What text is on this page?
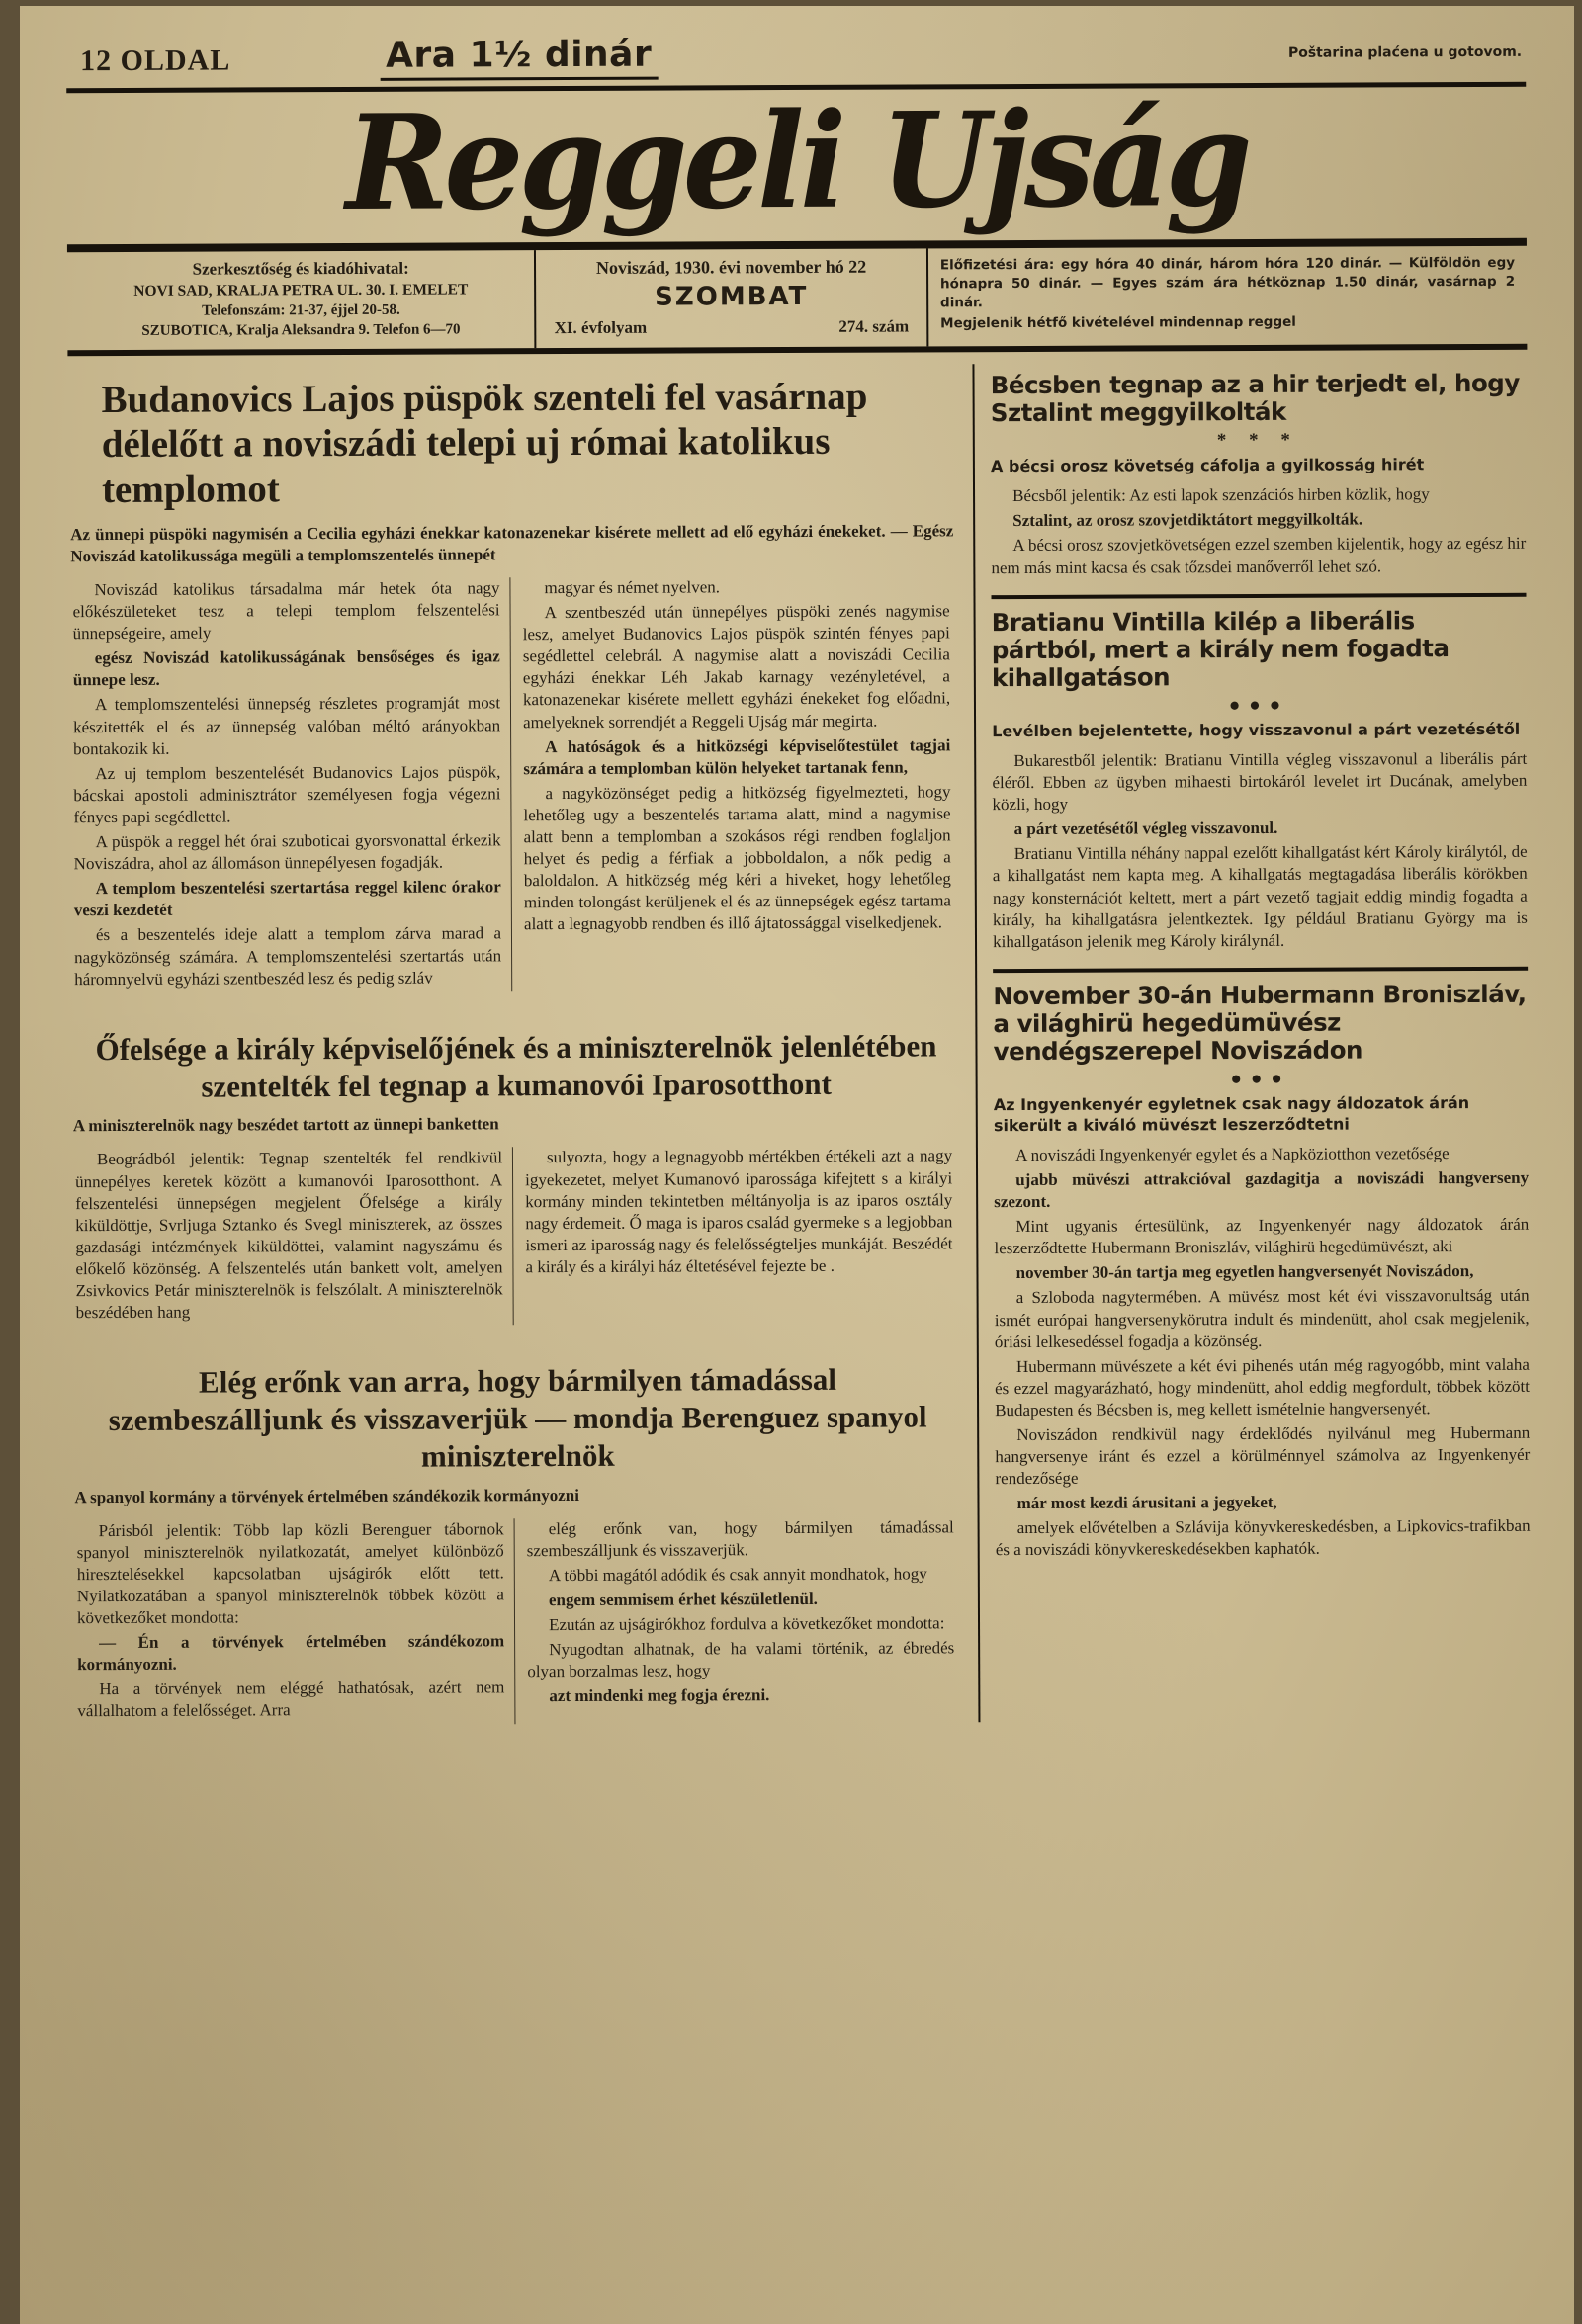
12 OLDAL	Ara 1½ dinár	Poštarina plaćena u gotovom.
Reggeli Ujság
Szerkesztőség és kiadóhivatal:
NOVI SAD, KRALJA PETRA UL. 30. I. EMELET
Telefonszám: 21-37, éjjel 20-58.
SZUBOTICA, Kralja Aleksandra 9. Telefon 6—70
Noviszád, 1930. évi november hó 22
SZOMBAT
XI. évfolyam	274. szám

Előfizetési ára: egy hóra 40 dinár, három hóra 120 dinár. — Külföldön egy hónapra 50 dinár. — Egyes szám ára hétköznap 1.50 dinár, vasárnap 2 dinár.

Megjelenik hétfő kivételével mindennap reggel

Budanovics Lajos püspök szenteli fel vasárnap délelőtt a noviszádi telepi uj római katolikus templomot

Az ünnepi püspöki nagymisén a Cecilia egyházi énekkar katonazenekar kisérete mellett ad elő egyházi énekeket. — Egész Noviszád katolikussága megüli a templomszentelés ünnepét

Noviszád katolikus társadalma már hetek óta nagy előkészületeket tesz a telepi templom felszentelési ünnepségeire, amely

egész Noviszád katolikusságának bensőséges és igaz ünnepe lesz.

A templomszentelési ünnepség részletes programját most készitették el és az ünnepség valóban méltó arányokban bontakozik ki.

Az uj templom beszentelését Budanovics Lajos püspök, bácskai apostoli adminisztrátor személyesen fogja végezni fényes papi segédlettel.

A püspök a reggel hét órai szuboticai gyorsvonattal érkezik Noviszádra, ahol az állomáson ünnepélyesen fogadják.

A templom beszentelési szertartása reggel kilenc órakor veszi kezdetét

és a beszentelés ideje alatt a templom zárva marad a nagyközönség számára. A templomszentelési szertartás után háromnyelvü egyházi szentbeszéd lesz és pedig szláv

magyar és német nyelven.

A szentbeszéd után ünnepélyes püspöki zenés nagymise lesz, amelyet Budanovics Lajos püspök szintén fényes papi segédlettel celebrál. A nagymise alatt a noviszádi Cecilia egyházi énekkar Léh Jakab karnagy vezényletével, a katonazenekar kisérete mellett egyházi énekeket fog előadni, amelyeknek sorrendjét a Reggeli Ujság már megirta.

A hatóságok és a hitközségi képviselőtestület tagjai számára a templomban külön helyeket tartanak fenn,

a nagyközönséget pedig a hitközség figyelmezteti, hogy lehetőleg ugy a beszentelés tartama alatt, mind a nagymise alatt benn a templomban a szokásos régi rendben foglaljon helyet és pedig a férfiak a jobboldalon, a nők pedig a baloldalon. A hitközség még kéri a hiveket, hogy lehetőleg minden tolongást kerüljenek el és az ünnepségek egész tartama alatt a legnagyobb rendben és illő ájtatossággal viselkedjenek.

Őfelsége a király képviselőjének és a miniszterelnök jelenlétében szentelték fel tegnap a kumanovói Iparosotthont

A miniszterelnök nagy beszédet tartott az ünnepi banketten

Beográdból jelentik: Tegnap szentelték fel rendkivül ünnepélyes keretek között a kumanovói Iparosotthont. A felszentelési ünnepségen megjelent Őfelsége a király kiküldöttje, Svrljuga Sztanko és Svegl miniszterek, az összes gazdasági intézmények kiküldöttei, valamint nagyszámu és előkelő közönség. A felszentelés után bankett volt, amelyen Zsivkovics Petár miniszterelnök is felszólalt. A miniszterelnök beszédében hang

sulyozta, hogy a legnagyobb mértékben értékeli azt a nagy igyekezetet, melyet Kumanovó iparossága kifejtett s a királyi kormány minden tekintetben méltányolja is az iparos osztály nagy érdemeit. Ő maga is iparos család gyermeke s a legjobban ismeri az iparosság nagy és felelősségteljes munkáját. Beszédét a király és a királyi ház éltetésével fejezte be .

Elég erőnk van arra, hogy bármilyen támadással szembeszálljunk és visszaverjük — mondja Berenguez spanyol miniszterelnök

A spanyol kormány a törvények értelmében szándékozik kormányozni

Párisból jelentik: Több lap közli Berenguer tábornok spanyol miniszterelnök nyilatkozatát, amelyet különböző hiresztelésekkel kapcsolatban ujságirók előtt tett. Nyilatkozatában a spanyol miniszterelnök többek között a következőket mondotta:

— Én a törvények értelmében szándékozom kormányozni.

Ha a törvények nem eléggé hathatósak, azért nem vállalhatom a felelősséget. Arra

elég erőnk van, hogy bármilyen támadással szembeszálljunk és visszaverjük.

A többi magától adódik és csak annyit mondhatok, hogy

engem semmisem érhet készületlenül.

Ezután az ujságirókhoz fordulva a következőket mondotta:

Nyugodtan alhatnak, de ha valami történik, az ébredés olyan borzalmas lesz, hogy

azt mindenki meg fogja érezni.

Bécsben tegnap az a hir terjedt el, hogy Sztalint meggyilkolták
* * *

A bécsi orosz követség cáfolja a gyilkosság hirét

Bécsből jelentik: Az esti lapok szenzációs hirben közlik, hogy

Sztalint, az orosz szovjetdiktátort meggyilkolták.

A bécsi orosz szovjetkövetségen ezzel szemben kijelentik, hogy az egész hir nem más mint kacsa és csak tőzsdei manőverről lehet szó.

Bratianu Vintilla kilép a liberális pártból, mert a király nem fogadta kihallgatáson
●●●

Levélben bejelentette, hogy visszavonul a párt vezetésétől

Bukarestből jelentik: Bratianu Vintilla végleg visszavonul a liberális párt éléről. Ebben az ügyben mihaesti birtokáról levelet irt Ducának, amelyben közli, hogy

a párt vezetésétől végleg visszavonul.

Bratianu Vintilla néhány nappal ezelőtt kihallgatást kért Károly királytól, de a kihallgatást nem kapta meg. A kihallgatás megtagadása liberális körökben nagy konsternációt keltett, mert a párt vezető tagjait eddig mindig fogadta a király, ha kihallgatásra jelentkeztek. Igy például Bratianu György ma is kihallgatáson jelenik meg Károly királynál.

November 30-án Hubermann Broniszláv, a világhirü hegedümüvész vendégszerepel Noviszádon
●●●

Az Ingyenkenyér egyletnek csak nagy áldozatok árán sikerült a kiváló müvészt leszerződtetni

A noviszádi Ingyenkenyér egylet és a Napköziotthon vezetősége

ujabb müvészi attrakcióval gazdagitja a noviszádi hangverseny szezont.

Mint ugyanis értesülünk, az Ingyenkenyér nagy áldozatok árán leszerződtette Hubermann Broniszláv, világhirü hegedümüvészt, aki

november 30-án tartja meg egyetlen hangversenyét Noviszádon,

a Szloboda nagytermében. A müvész most két évi visszavonultság után ismét európai hangversenykörutra indult és mindenütt, ahol csak megjelenik, óriási lelkesedéssel fogadja a közönség.

Hubermann müvészete a két évi pihenés után még ragyogóbb, mint valaha és ezzel magyarázható, hogy mindenütt, ahol eddig megfordult, többek között Budapesten és Bécsben is, meg kellett ismételnie hangversenyét.

Noviszádon rendkivül nagy érdeklődés nyilvánul meg Hubermann hangversenye iránt és ezzel a körülménnyel számolva az Ingyenkenyér rendezősége

már most kezdi árusitani a jegyeket,

amelyek elővételben a Szlávija könyvkereskedésben, a Lipkovics-trafikban és a noviszádi könyvkereskedésekben kaphatók.
